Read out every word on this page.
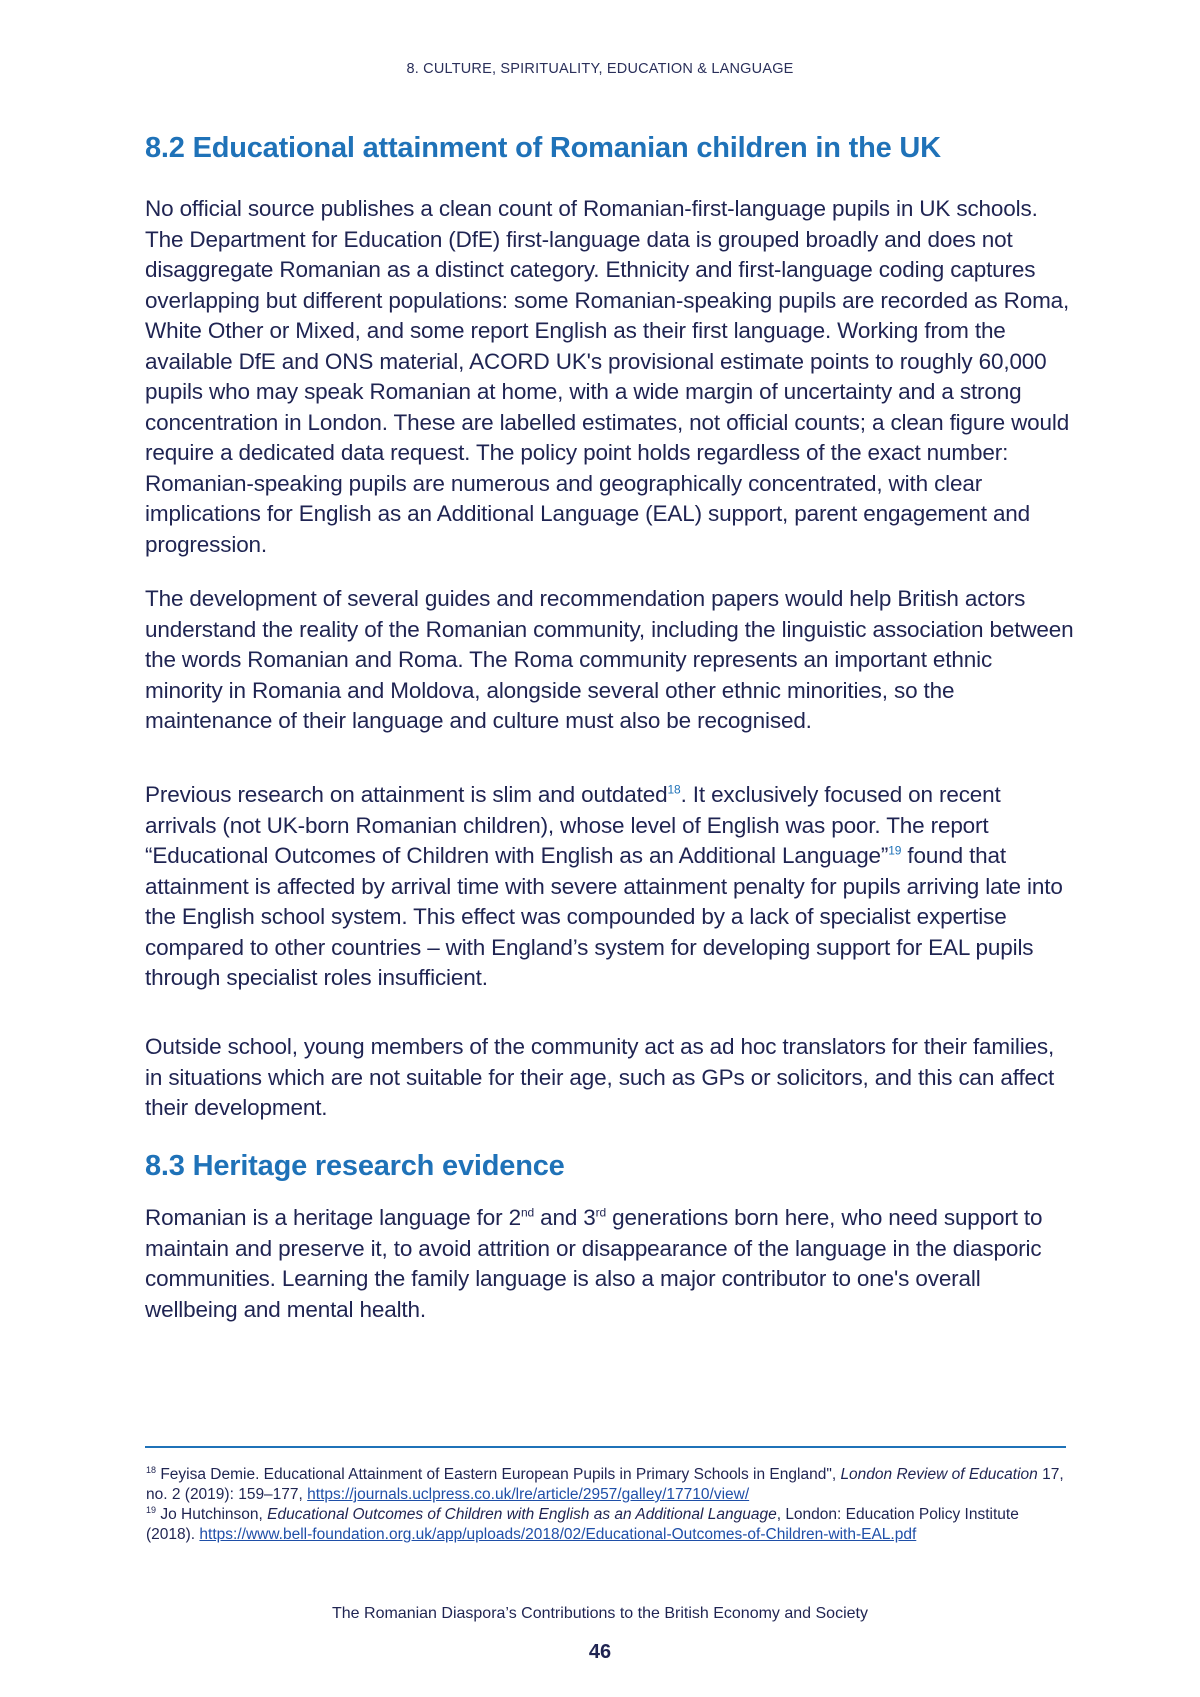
8. CULTURE, SPIRITUALITY, EDUCATION & LANGUAGE
8.2 Educational attainment of Romanian children in the UK

No official source publishes a clean count of Romanian-first-language pupils in UK schools. The Department for Education (DfE) first-language data is grouped broadly and does not disaggregate Romanian as a distinct category. Ethnicity and first-language coding captures overlapping but different populations: some Romanian-speaking pupils are recorded as Roma, White Other or Mixed, and some report English as their first language. Working from the available DfE and ONS material, ACORD UK's provisional estimate points to roughly 60,000 pupils who may speak Romanian at home, with a wide margin of uncertainty and a strong concentration in London. These are labelled estimates, not official counts; a clean figure would require a dedicated data request. The policy point holds regardless of the exact number: Romanian-speaking pupils are numerous and geographically concentrated, with clear implications for English as an Additional Language (EAL) support, parent engagement and progression.

The development of several guides and recommendation papers would help British actors understand the reality of the Romanian community, including the linguistic association between the words Romanian and Roma. The Roma community represents an important ethnic minority in Romania and Moldova, alongside several other ethnic minorities, so the maintenance of their language and culture must also be recognised.

Previous research on attainment is slim and outdated$^{18}$. It exclusively focused on recent arrivals (not UK-born Romanian children), whose level of English was poor. The report “Educational Outcomes of Children with English as an Additional Language”$^{19}$ found that attainment is affected by arrival time with severe attainment penalty for pupils arriving late into the English school system. This effect was compounded by a lack of specialist expertise compared to other countries – with England’s system for developing support for EAL pupils through specialist roles insufficient.

Outside school, young members of the community act as ad hoc translators for their families, in situations which are not suitable for their age, such as GPs or solicitors, and this can affect their development.

8.3 Heritage research evidence

Romanian is a heritage language for 2nd and 3rd generations born here, who need support to maintain and preserve it, to avoid attrition or disappearance of the language in the diasporic communities. Learning the family language is also a major contributor to one's overall wellbeing and mental health.

$^{18}$ Feyisa Demie. Educational Attainment of Eastern European Pupils in Primary Schools in England", London Review of Education 17, no. 2 (2019): 159–177, https://journals.uclpress.co.uk/lre/article/2957/galley/17710/view/

$^{19}$ Jo Hutchinson, Educational Outcomes of Children with English as an Additional Language, London: Education Policy Institute (2018). https://www.bell-foundation.org.uk/app/uploads/2018/02/Educational-Outcomes-of-Children-with-EAL.pdf

The Romanian Diaspora’s Contributions to the British Economy and Society
46
